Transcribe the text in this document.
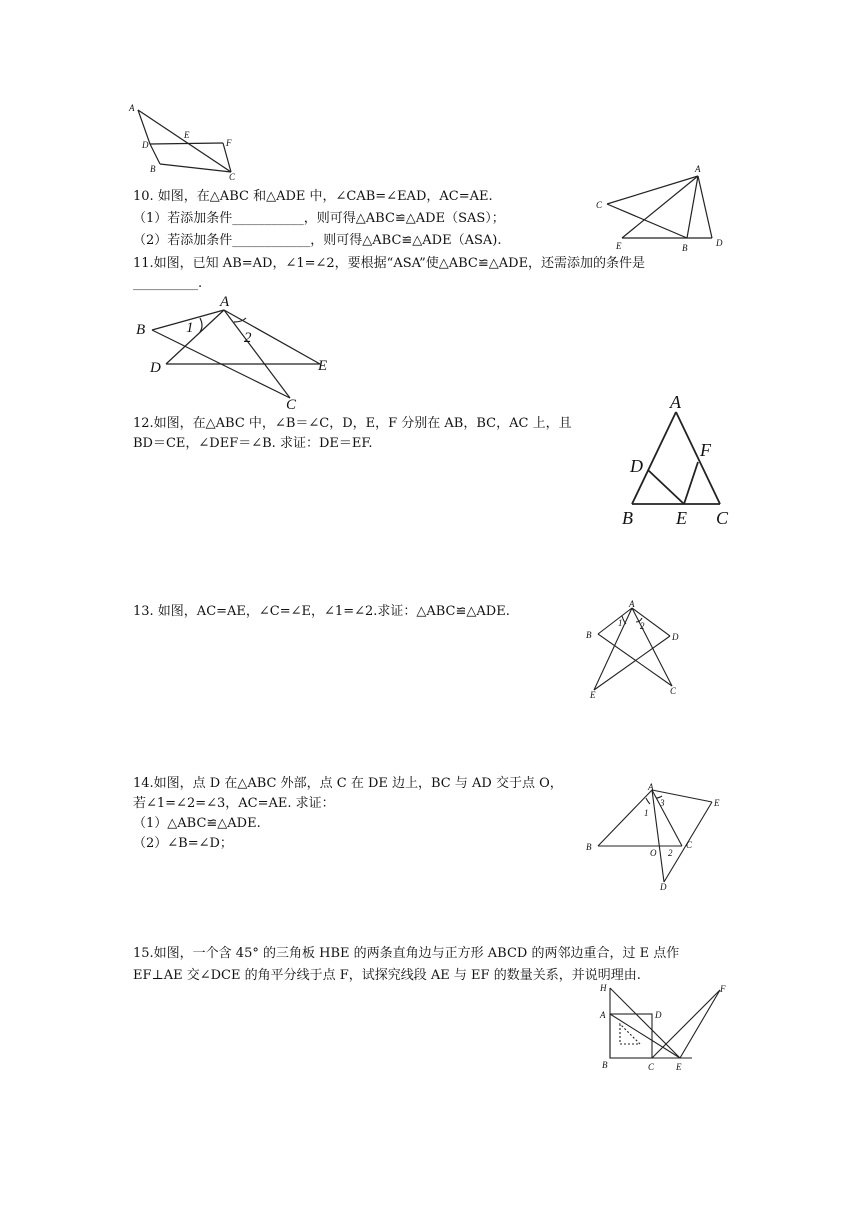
A
E
F
D
B
C
10. 如图，在△ABC 和△ADE 中，∠CAB=∠EAD，AC=AE.
（1）若添加条件___________，则可得△ABC≌△ADE（SAS）；
（2）若添加条件____________，则可得△ABC≌△ADE（ASA).
A
C
E	B	D
11.如图，已知 AB=AD，∠1=∠2，要根据“ASA”使△ABC≌△ADE，还需添加的条件是
__________.
A
B
D	E
C
1
2
12.如图，在△ABC 中，∠B＝∠C，D，E，F 分别在 AB，BC，AC 上，且
BD＝CE，∠DEF＝∠B. 求证：DE＝EF.
A
D
F
B E C
13. 如图，AC=AE，∠C=∠E，∠1=∠2.求证：△ABC≌△ADE.	A
B	D
E	C
1 2
14.如图，点 D 在△ABC 外部，点 C 在 DE 边上，BC 与 AD 交于点 O，
若∠1=∠2=∠3，AC=AE. 求证：
（1）△ABC≌△ADE.
（2）∠B=∠D；
A
E
B
O
C
D
1
2
3
15.如图，一个含 45° 的三角板 HBE 的两条直角边与正方形 ABCD 的两邻边重合，过 E 点作
EF⊥AE 交∠DCE 的角平分线于点 F，试探究线段 AE 与 EF 的数量关系，并说明理由.
H
A	D
F
B	C E
